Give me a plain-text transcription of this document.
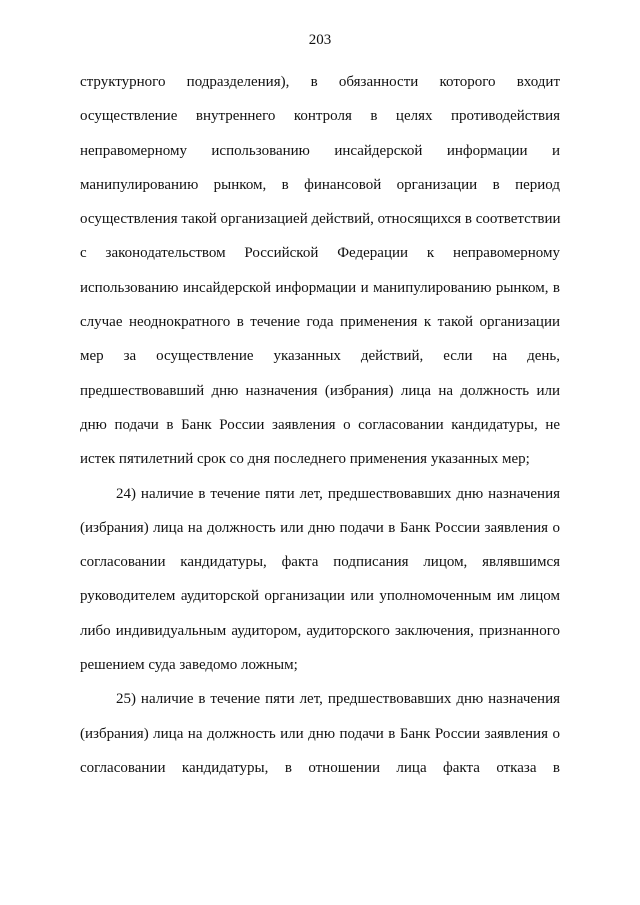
203
структурного подразделения), в обязанности которого входит
осуществление внутреннего контроля в целях противодействия
неправомерному использованию инсайдерской информации и
манипулированию рынком, в финансовой организации в период
осуществления такой организацией действий, относящихся в соответствии
с законодательством Российской Федерации к неправомерному
использованию инсайдерской информации и манипулированию рынком, в
случае неоднократного в течение года применения к такой организации
мер за осуществление указанных действий, если на день,
предшествовавший дню назначения (избрания) лица на должность или
дню подачи в Банк России заявления о согласовании кандидатуры, не
истек пятилетний срок со дня последнего применения указанных мер;
24) наличие в течение пяти лет, предшествовавших дню назначения
(избрания) лица на должность или дню подачи в Банк России заявления о
согласовании кандидатуры, факта подписания лицом, являвшимся
руководителем аудиторской организации или уполномоченным им лицом
либо индивидуальным аудитором, аудиторского заключения, признанного
решением суда заведомо ложным;
25) наличие в течение пяти лет, предшествовавших дню назначения
(избрания) лица на должность или дню подачи в Банк России заявления о
согласовании кандидатуры, в отношении лица факта отказа в
